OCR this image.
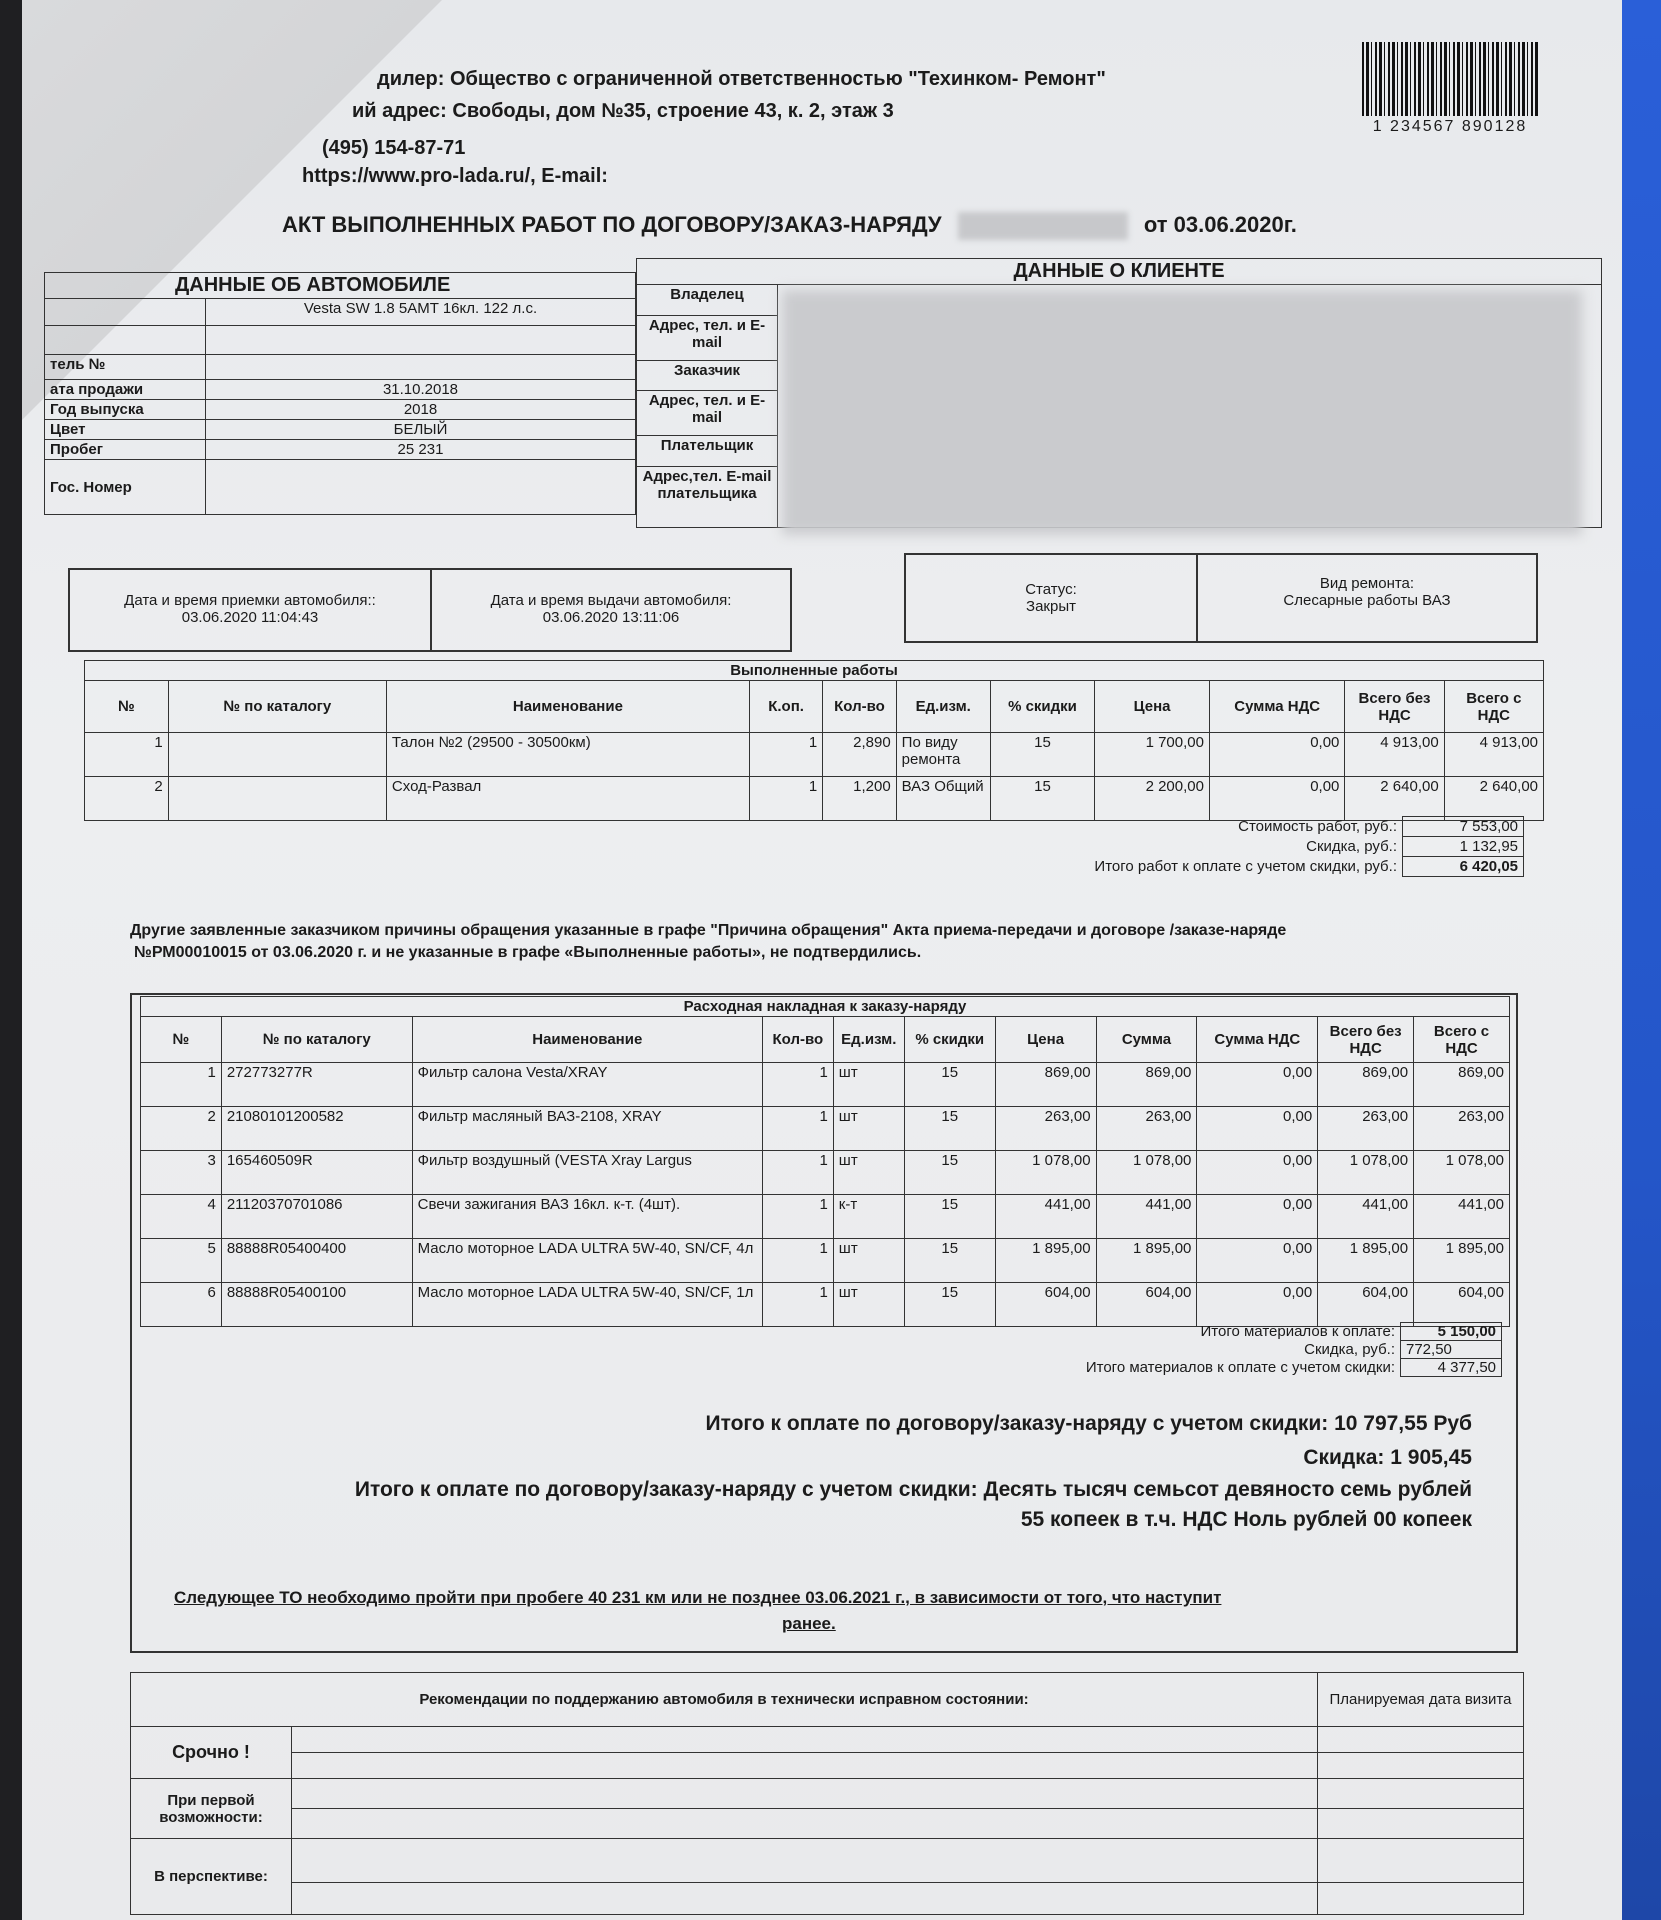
дилер: Общество с ограниченной ответственностью "Техинком- Ремонт"
ий адрес: Свободы, дом №35, строение 43, к. 2, этаж 3
(495) 154-87-71
https://www.pro-lada.ru/, E-mail:
1 234567 890128
АКТ ВЫПОЛНЕННЫХ РАБОТ ПО ДОГОВОРУ/ЗАКАЗ-НАРЯДУ	от 03.06.2020г.
ДАННЫЕ ОБ АВТОМОБИЛЕ	
	Vesta SW 1.8 5AMT 16кл. 122 л.с.

тель №	
ата продажи	31.10.2018
Год выпуска	2018
Цвет	БЕЛЫЙ
Пробег	25 231
Гос. Номер	
ДАННЫЕ О КЛИЕНТЕ
Владелец	
Адрес, тел. и E-mail
Заказчик
Адрес, тел. и E-mail
Плательщик
Адрес,тел. E-mail плательщика
Дата и время приемки автомобиля::
03.06.2020 11:04:43
Дата и время выдачи автомобиля:
03.06.2020 13:11:06
Статус:
Закрыт
Вид ремонта:
Слесарные работы ВАЗ
Выполненные работы										
№	№ по каталогу	Наименование	К.оп.	Кол-во	Ед.изм.	% скидки	Цена	Сумма НДС	Всего без НДС	Всего с НДС
1		Талон №2 (29500 - 30500км)	1	2,890	По виду ремонта	15	1 700,00	0,00	4 913,00	4 913,00
2		Сход-Развал	1	1,200	ВАЗ Общий	15	2 200,00	0,00	2 640,00	2 640,00
Стоимость работ, руб.:	7 553,00
Скидка, руб.:	1 132,95
Итого работ к оплате с учетом скидки, руб.:	6 420,05
Другие заявленные заказчиком причины обращения указанные в графе "Причина обращения" Акта приема-передачи и договоре /заказе-наряде
№РМ00010015 от 03.06.2020 г. и не указанные в графе «Выполненные работы», не подтвердились.
Расходная накладная к заказу-наряду										
№	№ по каталогу	Наименование	Кол-во	Ед.изм.	% скидки	Цена	Сумма	Сумма НДС	Всего без НДС	Всего с НДС
1	272773277R	Фильтр салона Vesta/XRAY	1	шт	15	869,00	869,00	0,00	869,00	869,00
2	21080101200582	Фильтр масляный ВАЗ-2108, XRAY	1	шт	15	263,00	263,00	0,00	263,00	263,00
3	165460509R	Фильтр воздушный (VESTA Xray Largus	1	шт	15	1 078,00	1 078,00	0,00	1 078,00	1 078,00
4	21120370701086	Свечи зажигания ВАЗ 16кл. к-т. (4шт).	1	к-т	15	441,00	441,00	0,00	441,00	441,00
5	88888R05400400	Масло моторное LADA ULTRA 5W-40, SN/CF, 4л	1	шт	15	1 895,00	1 895,00	0,00	1 895,00	1 895,00
6	88888R05400100	Масло моторное LADA ULTRA 5W-40, SN/CF, 1л	1	шт	15	604,00	604,00	0,00	604,00	604,00
Итого материалов к оплате:	5 150,00
Скидка, руб.:	772,50
Итого материалов к оплате с учетом скидки:	4 377,50
Итого к оплате по договору/заказу-наряду с учетом скидки: 10 797,55 Руб
Скидка: 1 905,45
Итого к оплате по договору/заказу-наряду с учетом скидки: Десять тысяч семьсот девяносто семь рублей
55 копеек в т.ч. НДС Ноль рублей 00 копеек
Следующее ТО необходимо пройти при пробеге 40 231 км или не позднее 03.06.2021 г., в зависимости от того, что наступит
ранее.
Рекомендации по поддержанию автомобиля в технически исправном состоянии:		Планируемая дата визита
Срочно !		

При первой возможности:		

В перспективе:		
